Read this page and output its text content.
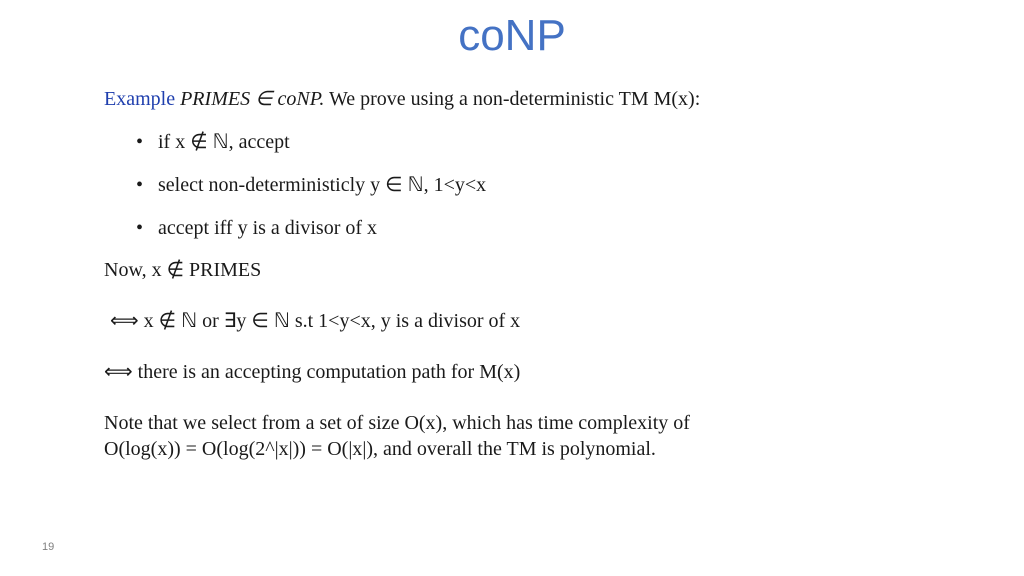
coNP
Example PRIMES ∈ coNP. We prove using a non-deterministic TM M(x):
• if x ∉ ℕ, accept
• select non-deterministicly y ∈ ℕ, 1<y<x
• accept iff y is a divisor of x
Now, x ∉ PRIMES
⟺ x ∉ ℕ or ∃y ∈ ℕ s.t 1<y<x, y is a divisor of x
⟺ there is an accepting computation path for M(x)
Note that we select from a set of size O(x), which has time complexity of
O(log(x)) = O(log(2^|x|)) = O(|x|), and overall the TM is polynomial.
19
